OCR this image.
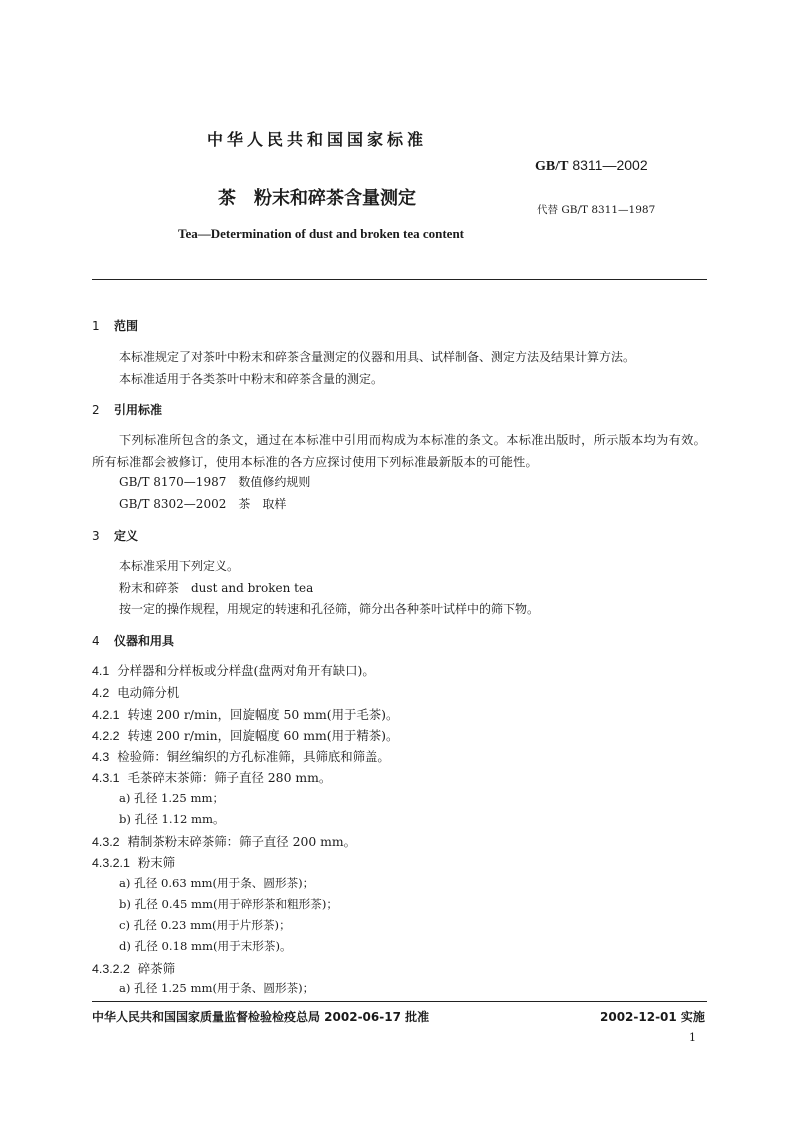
中华人民共和国国家标准
GB/T 8311—2002
茶　粉末和碎茶含量测定
代替 GB/T 8311—1987
Tea—Determination of dust and broken tea content
1 范围
本标准规定了对茶叶中粉末和碎茶含量测定的仪器和用具、试样制备、测定方法及结果计算方法。
本标准适用于各类茶叶中粉末和碎茶含量的测定。
2 引用标准
下列标准所包含的条文，通过在本标准中引用而构成为本标准的条文。本标准出版时，所示版本均为有效。所有标准都会被修订，使用本标准的各方应探讨使用下列标准最新版本的可能性。
GB/T 8170—1987　数值修约规则
GB/T 8302—2002　茶　取样
3 定义
本标准采用下列定义。
粉末和碎茶　dust and broken tea
按一定的操作规程，用规定的转速和孔径筛，筛分出各种茶叶试样中的筛下物。
4 仪器和用具
4.1 分样器和分样板或分样盘(盘两对角开有缺口)。
4.2 电动筛分机
4.2.1 转速 200 r/min，回旋幅度 50 mm(用于毛茶)。
4.2.2 转速 200 r/min，回旋幅度 60 mm(用于精茶)。
4.3 检验筛：铜丝编织的方孔标准筛，具筛底和筛盖。
4.3.1 毛茶碎末茶筛：筛子直径 280 mm。
a) 孔径 1.25 mm；
b) 孔径 1.12 mm。
4.3.2 精制茶粉末碎茶筛：筛子直径 200 mm。
4.3.2.1 粉末筛
a) 孔径 0.63 mm(用于条、圆形茶)；
b) 孔径 0.45 mm(用于碎形茶和粗形茶)；
c) 孔径 0.23 mm(用于片形茶)；
d) 孔径 0.18 mm(用于末形茶)。
4.3.2.2 碎茶筛
a) 孔径 1.25 mm(用于条、圆形茶)；
中华人民共和国国家质量监督检验检疫总局 2002-06-17 批准	2002-12-01 实施
1
